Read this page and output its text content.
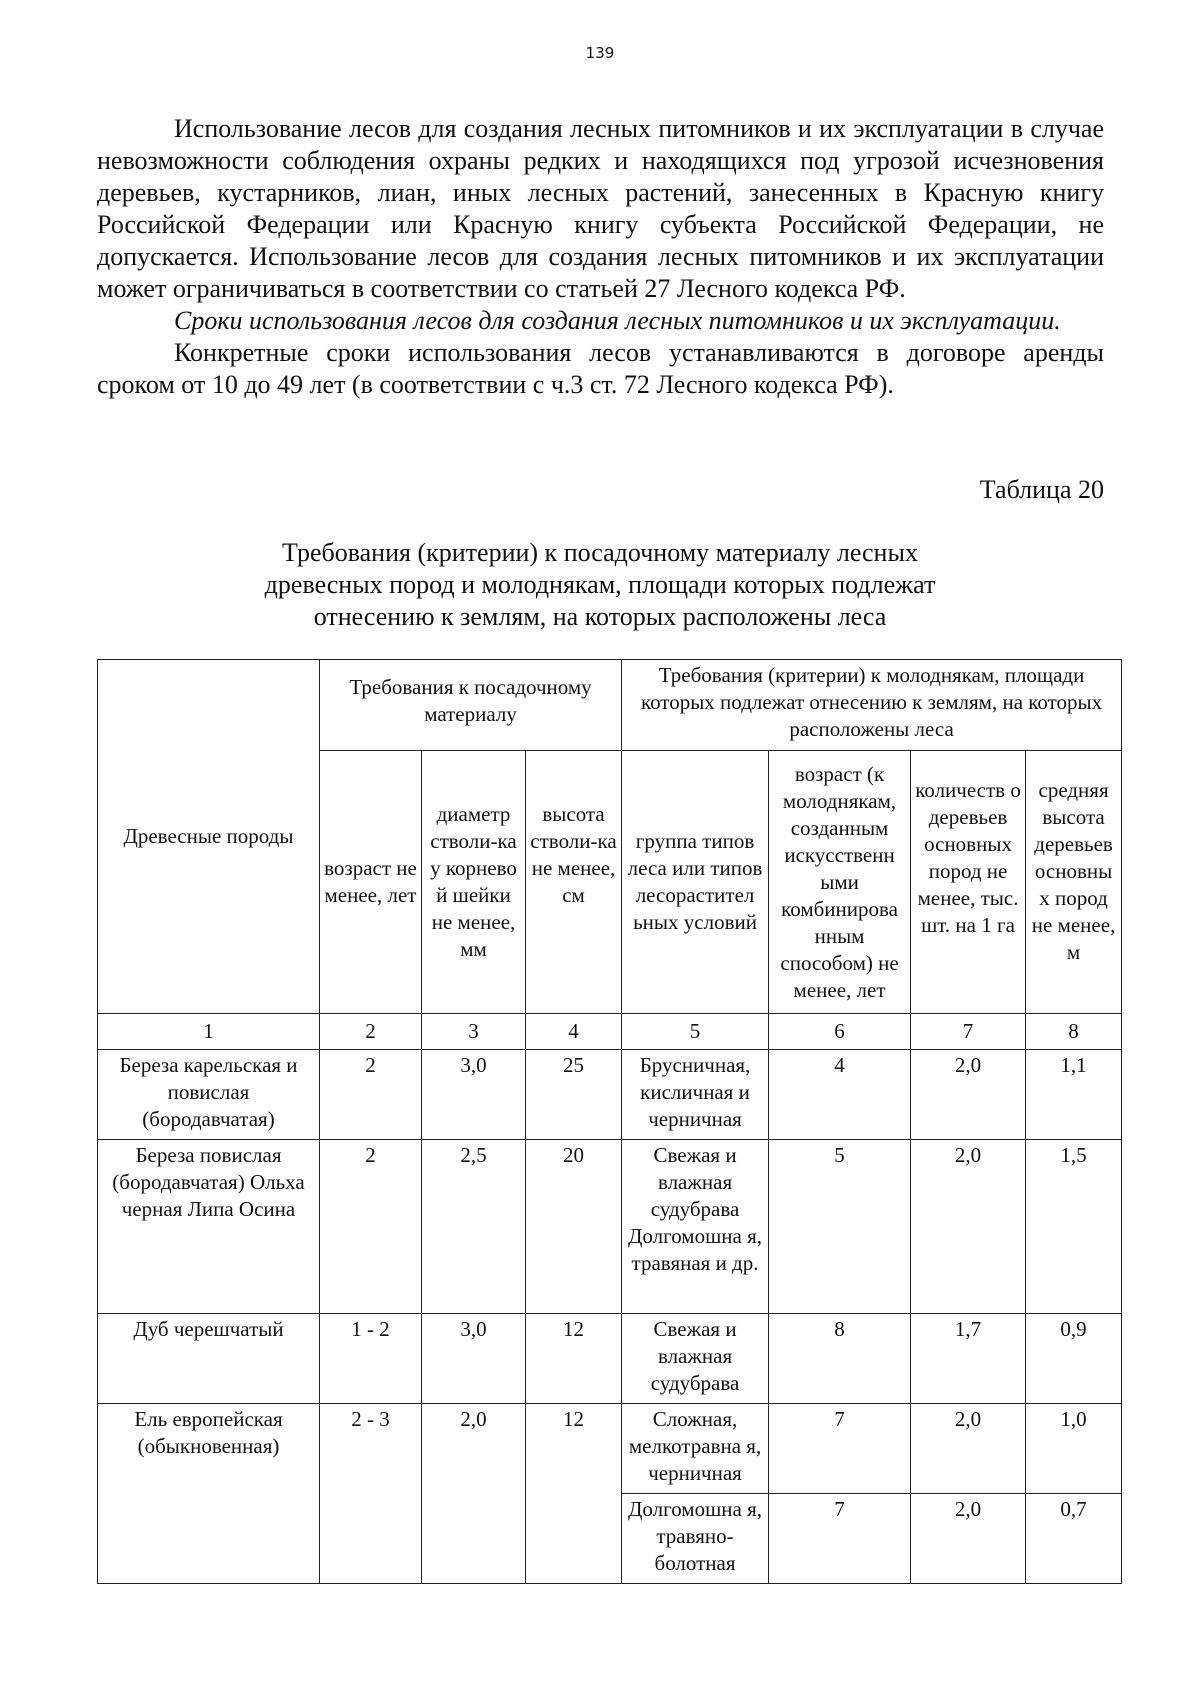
139

Использование лесов для создания лесных питомников и их эксплуатации в случае невозможности соблюдения охраны редких и находящихся под угрозой исчезновения деревьев, кустарников, лиан, иных лесных растений, занесенных в Красную книгу Российской Федерации или Красную книгу субъекта Российской Федерации, не допускается. Использование лесов для создания лесных питомников и их эксплуатации может ограничиваться в соответствии со статьей 27 Лесного кодекса РФ.

Сроки использования лесов для создания лесных питомников и их эксплуатации.

Конкретные сроки использования лесов устанавливаются в договоре аренды сроком от 10 до 49 лет (в соответствии с ч.3 ст. 72 Лесного кодекса РФ).

Таблица 20
Требования (критерии) к посадочному материалу лесных
древесных пород и молоднякам, площади которых подлежат
отнесению к землям, на которых расположены леса
Древесные породы	Требования к посадочному материалу			Требования (критерии) к молоднякам, площади которых подлежат отнесению к землям, на которых расположены леса			
	возраст не менее, лет	диаметр стволи-ка у корнево й шейки не менее, мм	высота стволи-ка не менее, см	группа типов леса или типов лесорастител ьных условий	возраст (к молоднякам, созданным искусственн ыми комбинирова нным способом) не менее, лет	количеств о деревьев основных пород не менее, тыс. шт. на 1 га	средняя высота деревьев основны х пород не менее, м
1	2	3	4	5	6	7	8
Береза карельская и повислая (бородавчатая)	2	3,0	25	Брусничная, кисличная и черничная	4	2,0	1,1
Береза повислая (бородавчатая) Ольха черная Липа Осина	2	2,5	20	Свежая и влажная судубрава Долгомошна я, травяная и др.	5	2,0	1,5
Дуб черешчатый	1 - 2	3,0	12	Свежая и влажная судубрава	8	1,7	0,9
Ель европейская (обыкновенная)	2 - 3	2,0	12	Сложная, мелкотравна я, черничная	7	2,0	1,0
				Долгомошна я, травяно-болотная	7	2,0	0,7
